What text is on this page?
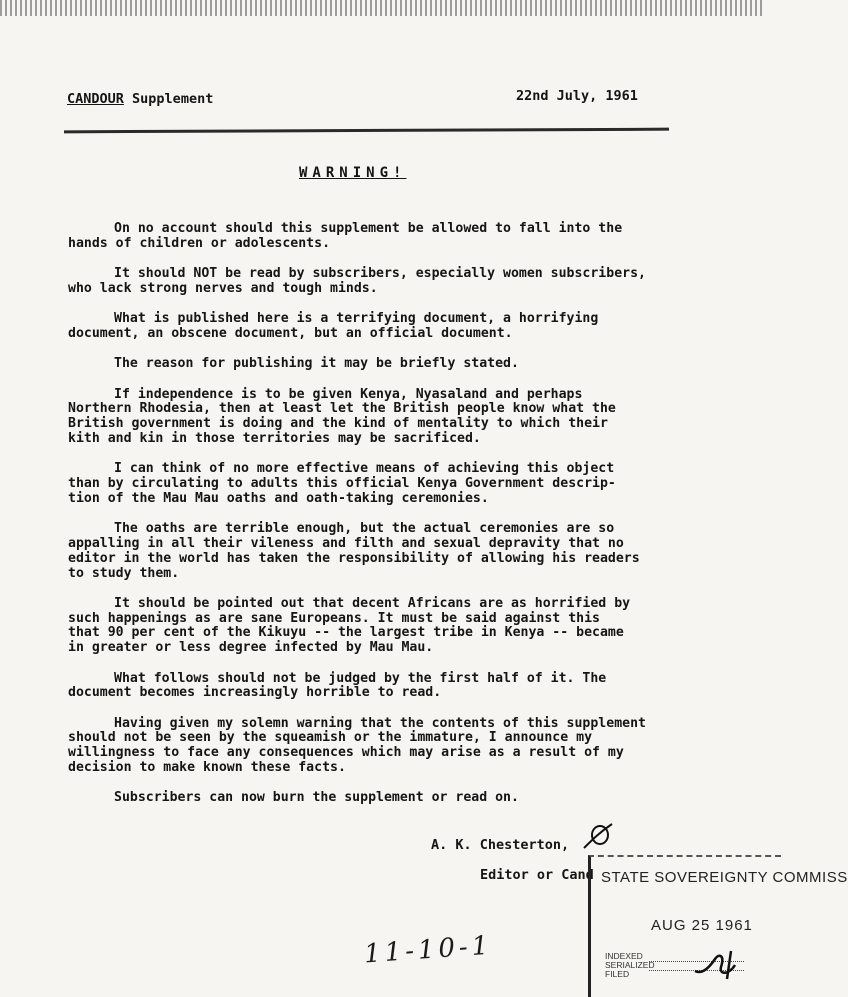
CANDOUR Supplement	22nd July, 1961
WARNING!

On no account should this supplement be allowed to fall into the
hands of children or adolescents.

It should NOT be read by subscribers, especially women subscribers,
who lack strong nerves and tough minds.

What is published here is a terrifying document, a horrifying
document, an obscene document, but an official document.

The reason for publishing it may be briefly stated.

If independence is to be given Kenya, Nyasaland and perhaps
Northern Rhodesia, then at least let the British people know what the
British government is doing and the kind of mentality to which their
kith and kin in those territories may be sacrificed.

I can think of no more effective means of achieving this object
than by circulating to adults this official Kenya Government descrip-
tion of the Mau Mau oaths and oath-taking ceremonies.

The oaths are terrible enough, but the actual ceremonies are so
appalling in all their vileness and filth and sexual depravity that no
editor in the world has taken the responsibility of allowing his readers
to study them.

It should be pointed out that decent Africans are as horrified by
such happenings as are sane Europeans. It must be said against this
that 90 per cent of the Kikuyu -- the largest tribe in Kenya -- became
in greater or less degree infected by Mau Mau.

What follows should not be judged by the first half of it. The
document becomes increasingly horrible to read.

Having given my solemn warning that the contents of this supplement
should not be seen by the squeamish or the immature, I announce my
willingness to face any consequences which may arise as a result of my
decision to make known these facts.

Subscribers can now burn the supplement or read on.

A. K. Chesterton,
Editor or Cand STATE SOVEREIGNTY COMMISS
AUG 25 1961
INDEXED
SERIALIZED
FILED
11-10-1
